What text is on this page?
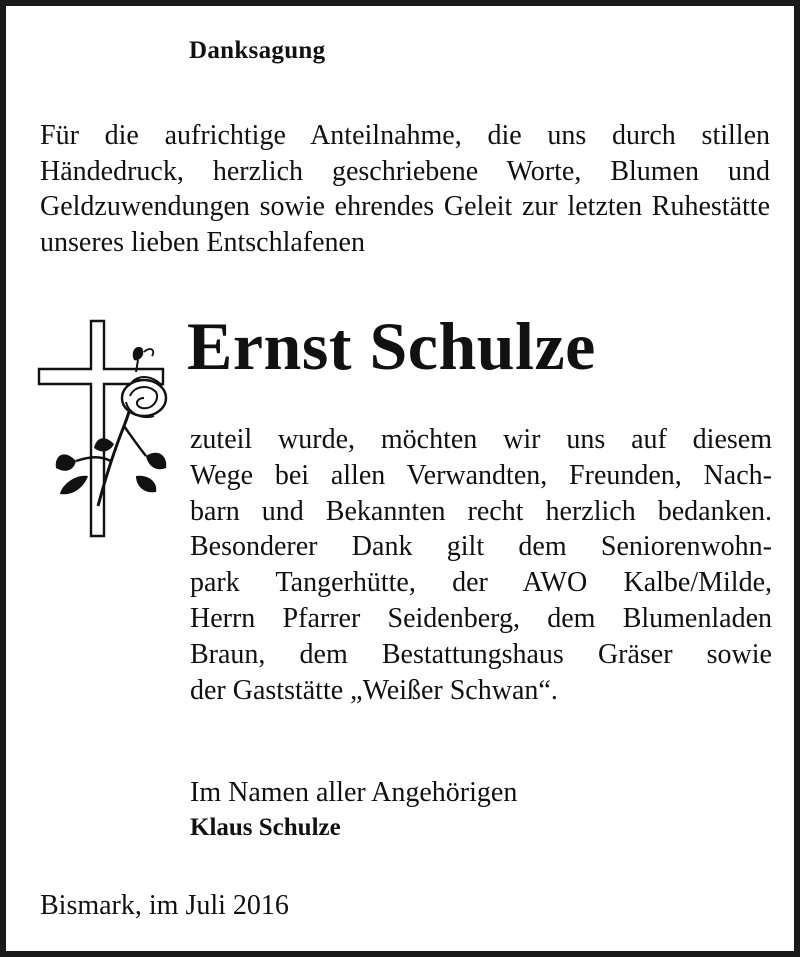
Danksagung
Für die aufrichtige Anteilnahme, die uns durch stillen Händedruck, herzlich geschriebene Worte, Blumen und Geldzuwendungen sowie ehrendes Geleit zur letzten Ruhestätte unseres lieben Entschlafenen
Ernst Schulze
zuteil wurde, möchten wir uns auf diesem
Wege bei allen Verwandten, Freunden, Nach-
barn und Bekannten recht herzlich bedanken.
Besonderer Dank gilt dem Seniorenwohn-
park Tangerhütte, der AWO Kalbe/Milde,
Herrn Pfarrer Seidenberg, dem Blumenladen
Braun, dem Bestattungshaus Gräser sowie
der Gaststätte „Weißer Schwan“.
Im Namen aller Angehörigen
Klaus Schulze
Bismark, im Juli 2016
